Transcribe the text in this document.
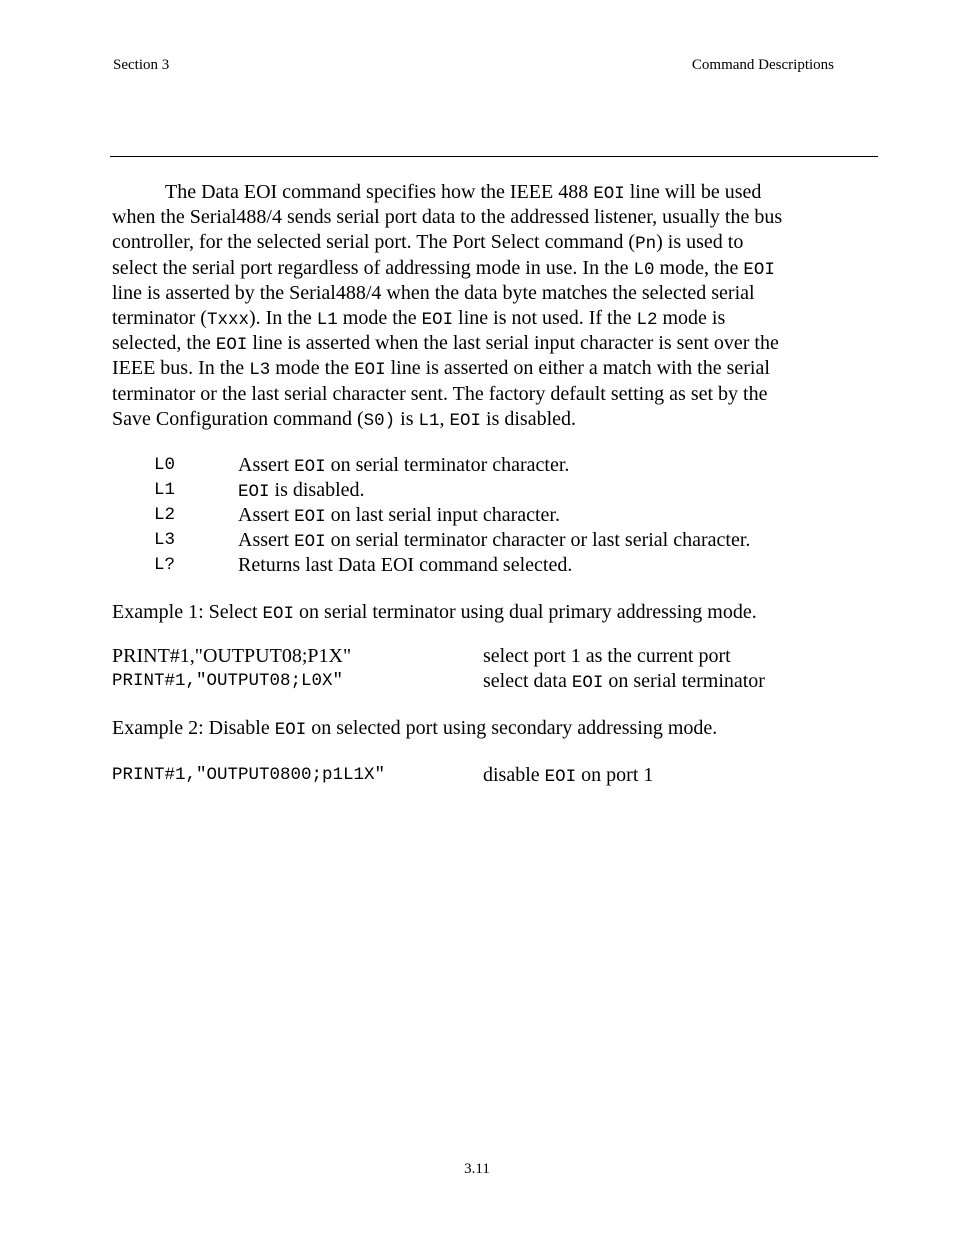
Section 3	Command Descriptions
The Data EOI command specifies how the IEEE 488 EOI line will be used
when the Serial488/4 sends serial port data to the addressed listener, usually the bus
controller, for the selected serial port. The Port Select command (Pn) is used to
select the serial port regardless of addressing mode in use. In the L0 mode, the EOI
line is asserted by the Serial488/4 when the data byte matches the selected serial
terminator (Txxx). In the L1 mode the EOI line is not used. If the L2 mode is
selected, the EOI line is asserted when the last serial input character is sent over the
IEEE bus. In the L3 mode the EOI line is asserted on either a match with the serial
terminator or the last serial character sent. The factory default setting as set by the
Save Configuration command (S0) is L1, EOI is disabled.
L0	Assert EOI on serial terminator character.
L1	EOI is disabled.
L2	Assert EOI on last serial input character.
L3	Assert EOI on serial terminator character or last serial character.
L?	Returns last Data EOI command selected.
Example 1: Select EOI on serial terminator using dual primary addressing mode.
PRINT#1,"OUTPUT08;P1X"	select port 1 as the current port
PRINT#1,"OUTPUT08;L0X"	select data EOI on serial terminator
Example 2: Disable EOI on selected port using secondary addressing mode.
PRINT#1,"OUTPUT0800;p1L1X"	disable EOI on port 1
3.11
